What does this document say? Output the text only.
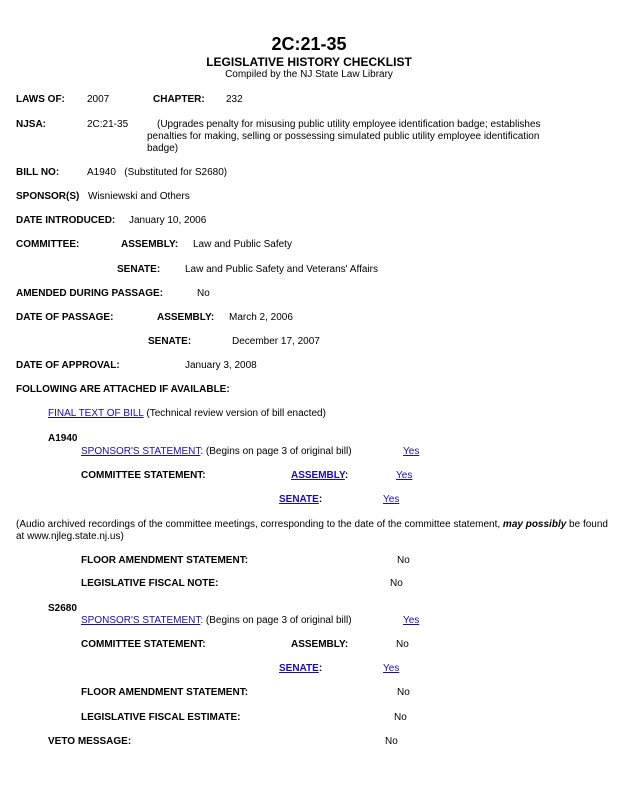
2C:21-35
LEGISLATIVE HISTORY CHECKLIST
Compiled by the NJ State Law Library
LAWS OF: 2007	CHAPTER: 232
NJSA:	2C:21-35	(Upgrades penalty for misusing public utility employee identification badge; establishes
penalties for making, selling or possessing simulated public utility employee identification
badge)
BILL NO:	A1940   (Substituted for S2680)
SPONSOR(S) Wisniewski and Others
DATE INTRODUCED: January 10, 2006
COMMITTEE:	ASSEMBLY: Law and Public Safety
SENATE: Law and Public Safety and Veterans' Affairs
AMENDED DURING PASSAGE:	No
DATE OF PASSAGE:	ASSEMBLY: March 2, 2006
SENATE:	December 17, 2007
DATE OF APPROVAL:	January 3, 2008
FOLLOWING ARE ATTACHED IF AVAILABLE:
FINAL TEXT OF BILL (Technical review version of bill enacted)
A1940
SPONSOR'S STATEMENT: (Begins on page 3 of original bill)	Yes
COMMITTEE STATEMENT:	ASSEMBLY:	Yes
SENATE:	Yes
(Audio archived recordings of the committee meetings, corresponding to the date of the committee statement, may possibly be found
at www.njleg.state.nj.us)
FLOOR AMENDMENT STATEMENT:	No
LEGISLATIVE FISCAL NOTE:	No
S2680
SPONSOR'S STATEMENT: (Begins on page 3 of original bill)	Yes
COMMITTEE STATEMENT:	ASSEMBLY:	No
SENATE:	Yes
FLOOR AMENDMENT STATEMENT:	No
LEGISLATIVE FISCAL ESTIMATE:	No
VETO MESSAGE:	No
